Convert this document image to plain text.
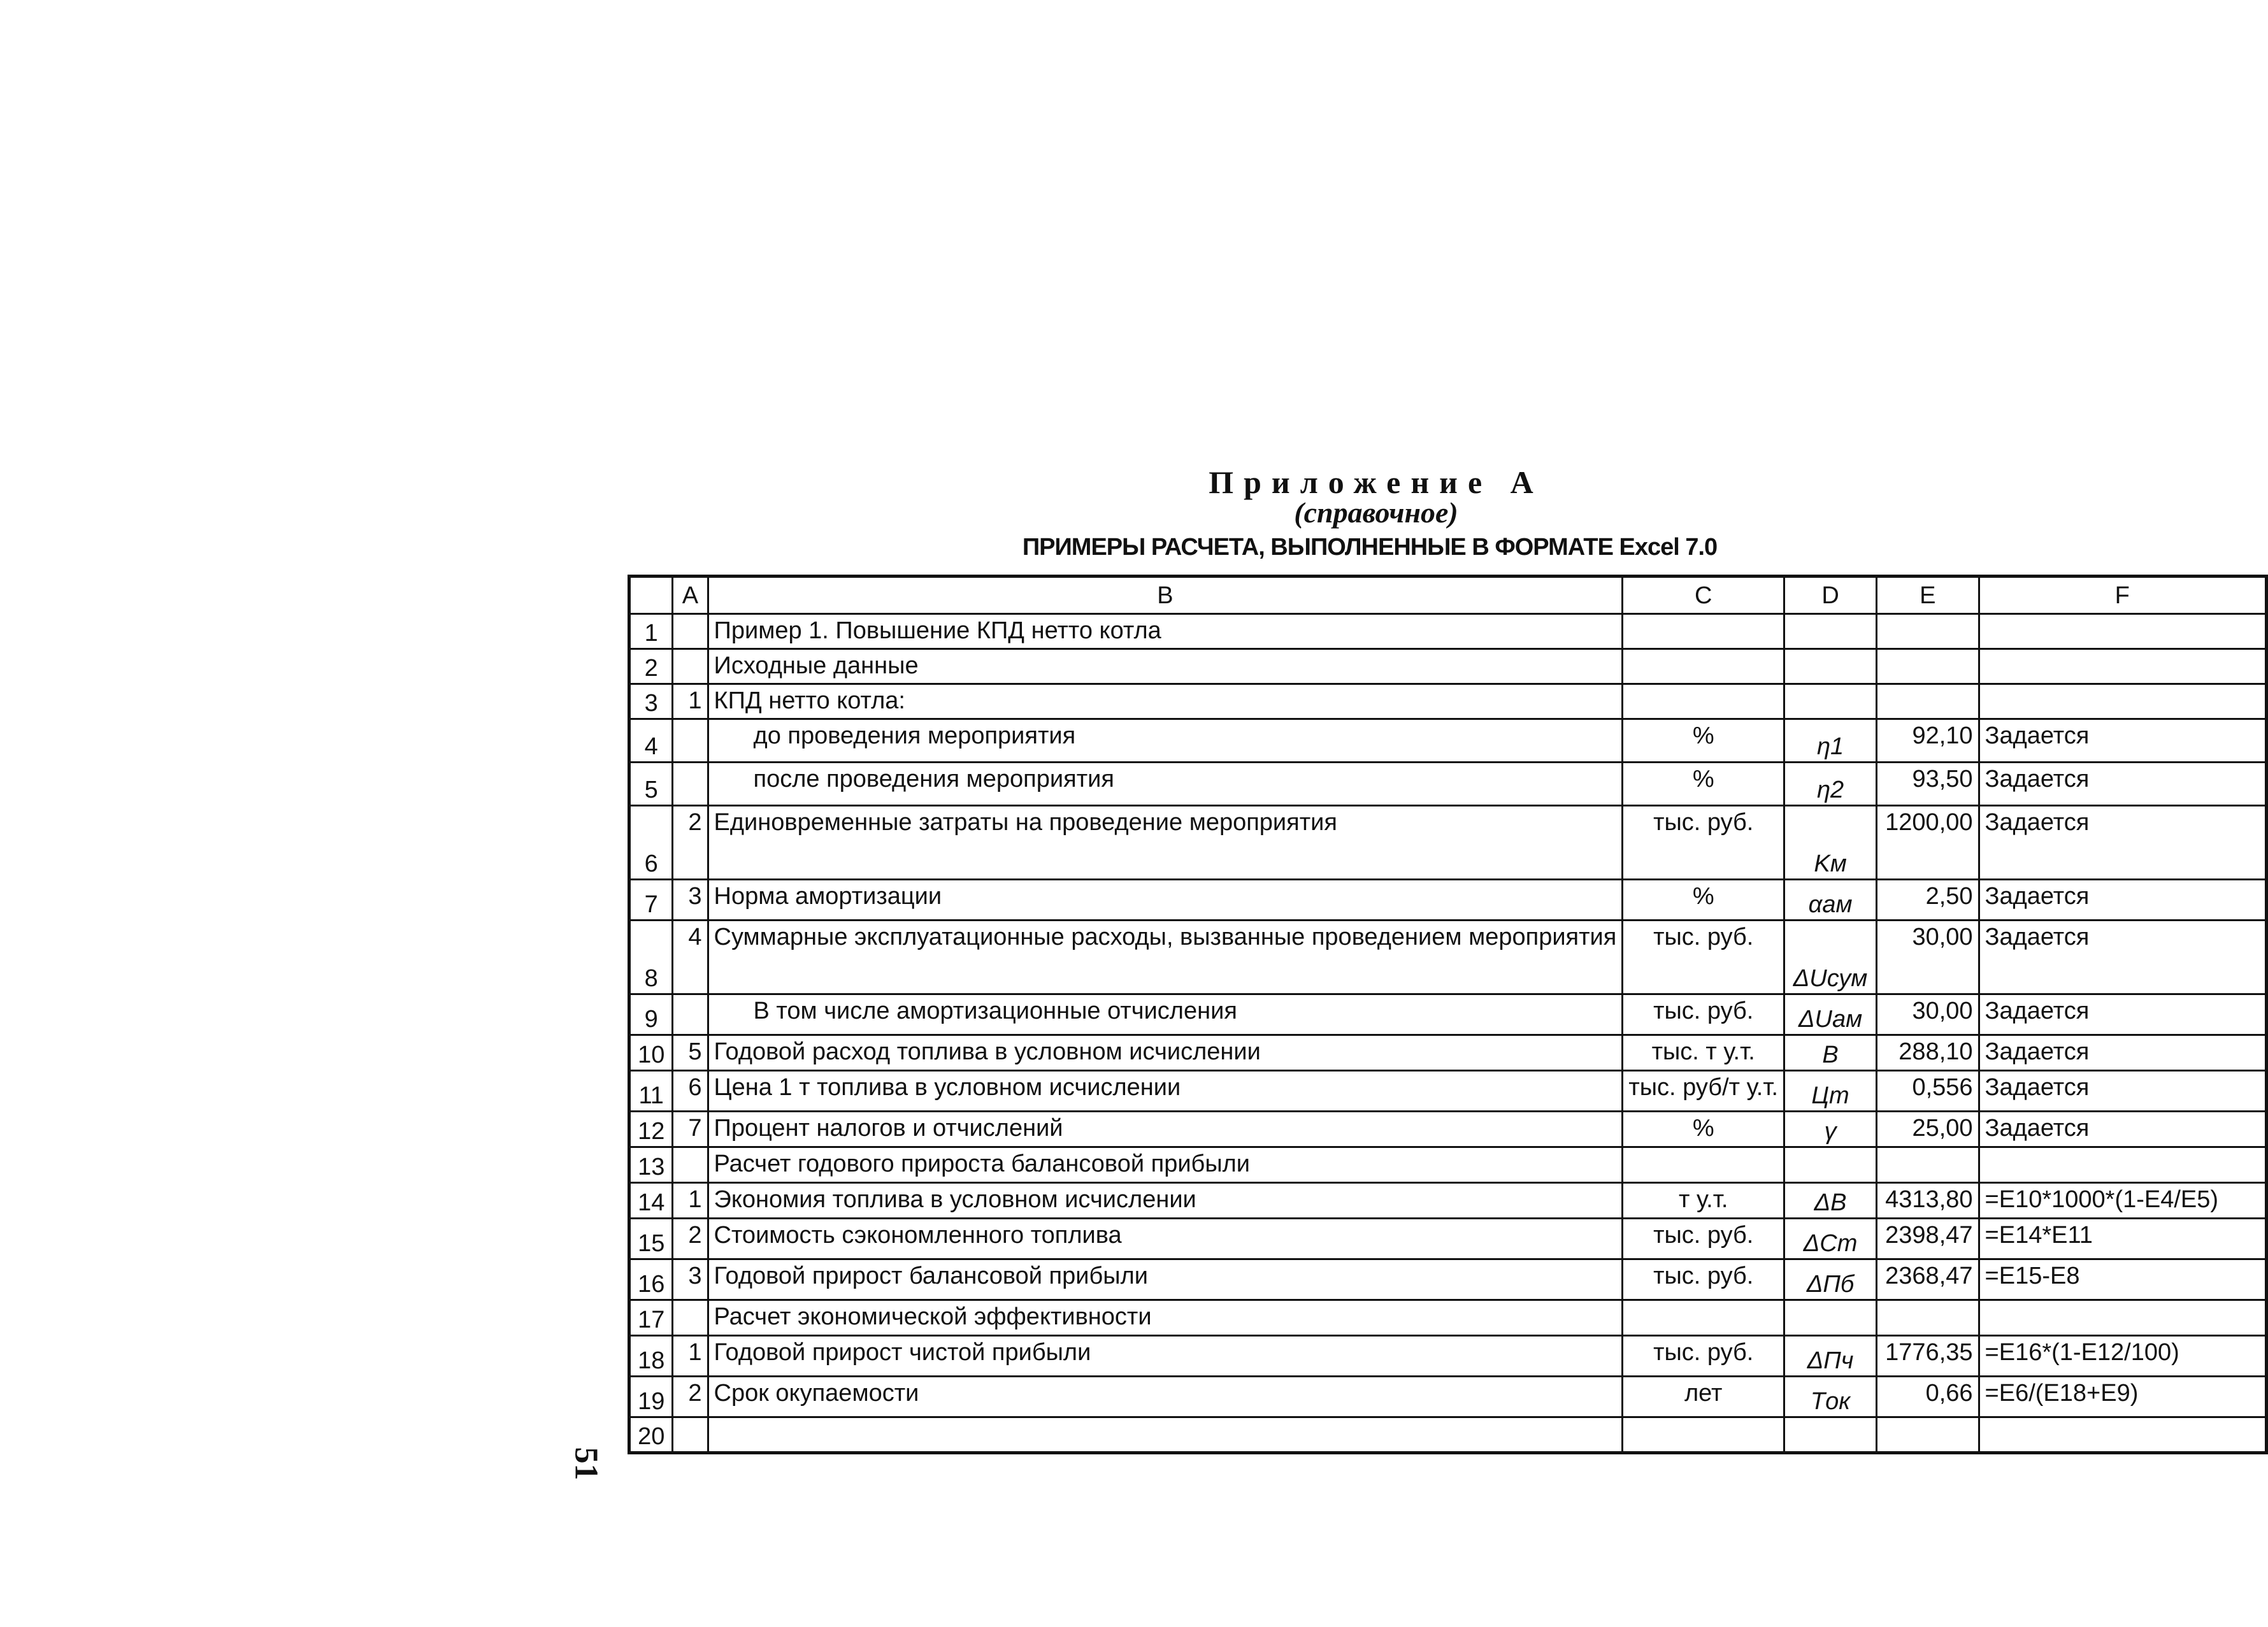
Приложение А
(справочное)
ПРИМЕРЫ РАСЧЕТА, ВЫПОЛНЕННЫЕ В ФОРМАТЕ Excel 7.0
51
	A	B	C	D	E	F
1		Пример 1. Повышение КПД нетто котла				
2		Исходные данные				
3	1	КПД нетто котла:				
4		до проведения мероприятия	%	η1	92,10	Задается
5		после проведения мероприятия	%	η2	93,50	Задается
6	2	Единовременные затраты на проведение мероприятия	тыс. руб.	Kм	1200,00	Задается
7	3	Норма амортизации	%	αам	2,50	Задается
8	4	Суммарные эксплуатационные расходы, вызванные проведением мероприятия	тыс. руб.	ΔUсум	30,00	Задается
9		В том числе амортизационные отчисления	тыс. руб.	ΔUам	30,00	Задается
10	5	Годовой расход топлива в условном исчислении	тыс. т у.т.	B	288,10	Задается
11	6	Цена 1 т топлива в условном исчислении	тыс. руб/т у.т.	Цт	0,556	Задается
12	7	Процент налогов и отчислений	%	γ	25,00	Задается
13		Расчет годового прироста балансовой прибыли				
14	1	Экономия топлива в условном исчислении	т у.т.	ΔB	4313,80	=E10*1000*(1-E4/E5)
15	2	Стоимость сэкономленного топлива	тыс. руб.	ΔCт	2398,47	=E14*E11
16	3	Годовой прирост балансовой прибыли	тыс. руб.	ΔПб	2368,47	=E15-E8
17		Расчет экономической эффективности				
18	1	Годовой прирост чистой прибыли	тыс. руб.	ΔПч	1776,35	=E16*(1-E12/100)
19	2	Срок окупаемости	лет	Tок	0,66	=E6/(E18+E9)
20						
